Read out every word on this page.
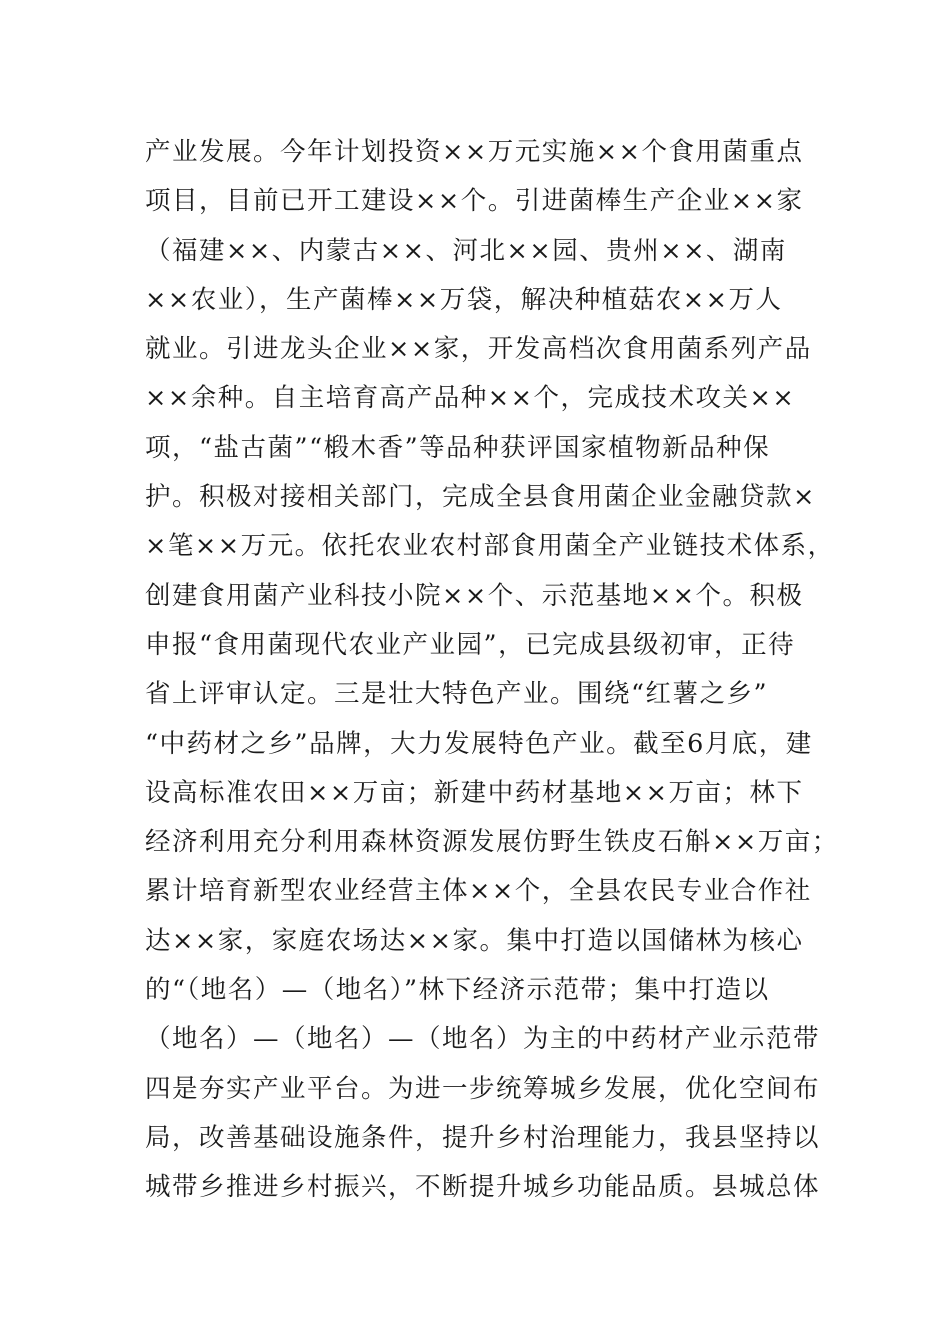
产业发展。今年计划投资××万元实施××个食用菌重点
项目，目前已开工建设××个。引进菌棒生产企业××家
（福建××、内蒙古××、河北××园、贵州××、湖南
××农业），生产菌棒××万袋，解决种植菇农××万人
就业。引进龙头企业××家，开发高档次食用菌系列产品
××余种。自主培育高产品种××个，完成技术攻关××
项，“盐古菌”“椴木香”等品种获评国家植物新品种保
护。积极对接相关部门，完成全县食用菌企业金融贷款×
×笔××万元。依托农业农村部食用菌全产业链技术体系，
创建食用菌产业科技小院××个、示范基地××个。积极
申报“食用菌现代农业产业园”，已完成县级初审，正待
省上评审认定。三是壮大特色产业。围绕“红薯之乡”
“中药材之乡”品牌，大力发展特色产业。截至6月底，建
设高标准农田××万亩；新建中药材基地××万亩；林下
经济利用充分利用森林资源发展仿野生铁皮石斛××万亩；
累计培育新型农业经营主体××个，全县农民专业合作社
达××家，家庭农场达××家。集中打造以国储林为核心
的“（地名）—（地名）”林下经济示范带；集中打造以
（地名）—（地名）—（地名）为主的中药材产业示范带
四是夯实产业平台。为进一步统筹城乡发展，优化空间布
局，改善基础设施条件，提升乡村治理能力，我县坚持以
城带乡推进乡村振兴，不断提升城乡功能品质。县城总体
